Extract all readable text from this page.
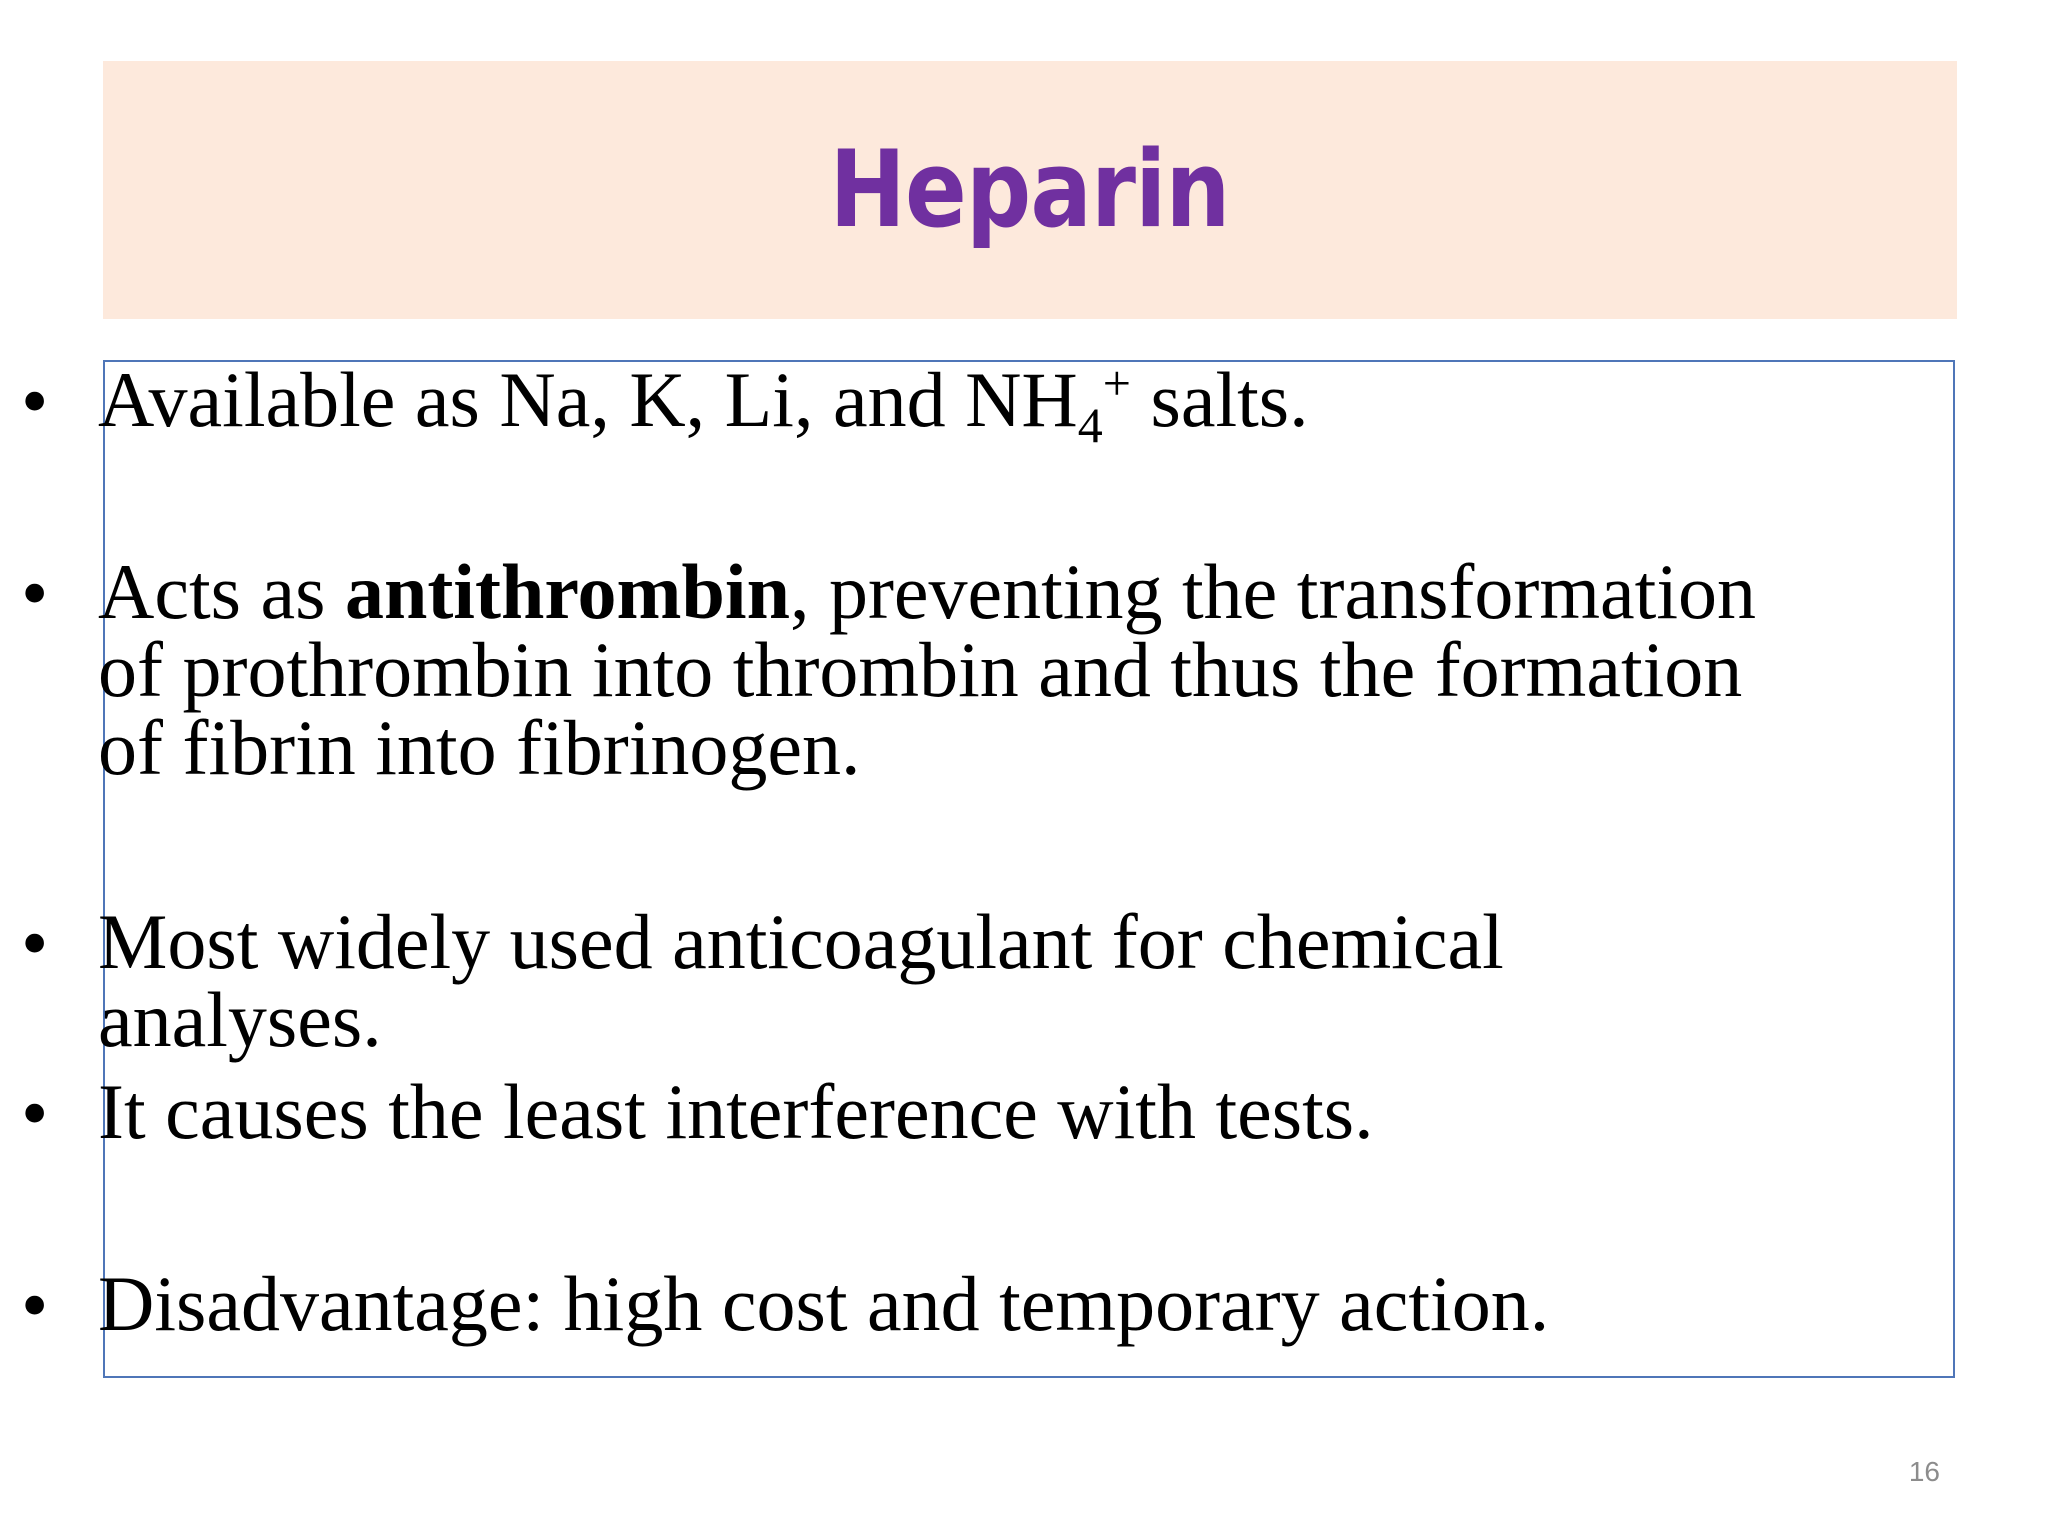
Heparin
• Available as Na, K, Li, and $NH_4^+$ salts.
• Acts as antithrombin, preventing the transformation
of prothrombin into thrombin and thus the formation
of fibrin into fibrinogen.
• Most widely used anticoagulant for chemical
analyses.
• It causes the least interference with tests.
• Disadvantage: high cost and temporary action.
16
